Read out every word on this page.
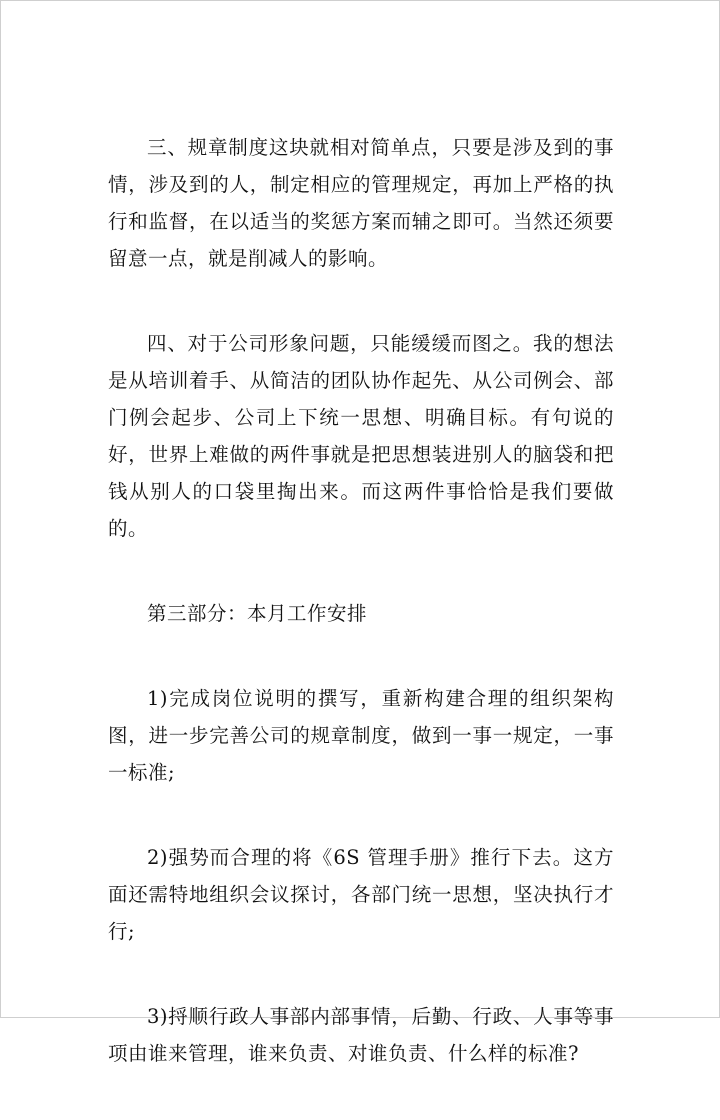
三、规章制度这块就相对简单点，只要是涉及到的事情，涉及到的人，制定相应的管理规定，再加上严格的执行和监督，在以适当的奖惩方案而辅之即可。当然还须要留意一点，就是削减人的影响。

四、对于公司形象问题，只能缓缓而图之。我的想法是从培训着手、从简洁的团队协作起先、从公司例会、部门例会起步、公司上下统一思想、明确目标。有句说的好，世界上难做的两件事就是把思想装进别人的脑袋和把钱从别人的口袋里掏出来。而这两件事恰恰是我们要做的。

第三部分：本月工作安排

1)完成岗位说明的撰写，重新构建合理的组织架构图，进一步完善公司的规章制度，做到一事一规定，一事一标准;

2)强势而合理的将《6S 管理手册》推行下去。这方面还需特地组织会议探讨，各部门统一思想，坚决执行才行;

3)捋顺行政人事部内部事情，后勤、行政、人事等事项由谁来管理，谁来负责、对谁负责、什么样的标准?
